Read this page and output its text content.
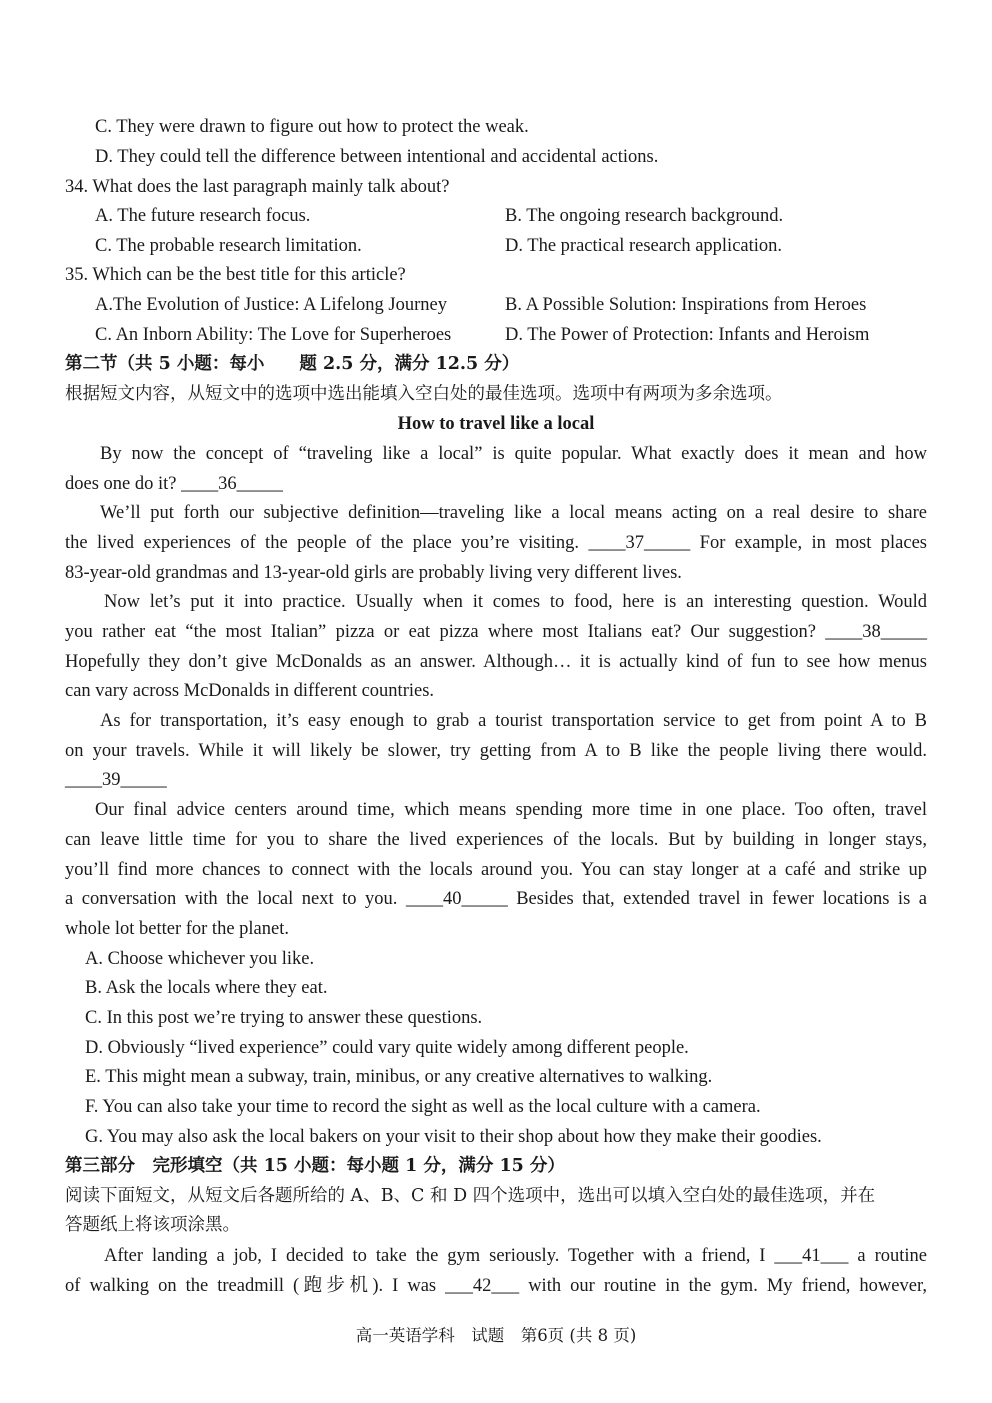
C. They were drawn to figure out how to protect the weak.
D. They could tell the difference between intentional and accidental actions.
34. What does the last paragraph mainly talk about?
A. The future research focus.	B. The ongoing research background.
C. The probable research limitation.	D. The practical research application.
35. Which can be the best title for this article?
A.The Evolution of Justice: A Lifelong Journey	B. A Possible Solution: Inspirations from Heroes
C. An Inborn Ability: The Love for Superheroes	D. The Power of Protection: Infants and Heroism
第二节（共 5 小题：每小　　题 2.5 分，满分 12.5 分）
根据短文内容，从短文中的选项中选出能填入空白处的最佳选项。选项中有两项为多余选项。
How to travel like a local
By now the concept of “traveling like a local” is quite popular. What exactly does it mean and how
does one do it? ____36_____
We’ll put forth our subjective definition—traveling like a local means acting on a real desire to share
the lived experiences of the people of the place you’re visiting. ____37_____ For example, in most places
83-year-old grandmas and 13-year-old girls are probably living very different lives.
Now let’s put it into practice. Usually when it comes to food, here is an interesting question. Would
you rather eat “the most Italian” pizza or eat pizza where most Italians eat? Our suggestion? ____38_____
Hopefully they don’t give McDonalds as an answer. Although… it is actually kind of fun to see how menus
can vary across McDonalds in different countries.
As for transportation, it’s easy enough to grab a tourist transportation service to get from point A to B
on your travels. While it will likely be slower, try getting from A to B like the people living there would.
____39_____
Our final advice centers around time, which means spending more time in one place. Too often, travel
can leave little time for you to share the lived experiences of the locals. But by building in longer stays,
you’ll find more chances to connect with the locals around you. You can stay longer at a café and strike up
a conversation with the local next to you. ____40_____ Besides that, extended travel in fewer locations is a
whole lot better for the planet.
A. Choose whichever you like.
B. Ask the locals where they eat.
C. In this post we’re trying to answer these questions.
D. Obviously “lived experience” could vary quite widely among different people.
E. This might mean a subway, train, minibus, or any creative alternatives to walking.
F. You can also take your time to record the sight as well as the local culture with a camera.
G. You may also ask the local bakers on your visit to their shop about how they make their goodies.
第三部分　完形填空（共 15 小题：每小题 1 分，满分 15 分）
阅读下面短文，从短文后各题所给的 A、B、C 和 D 四个选项中，选出可以填入空白处的最佳选项，并在
答题纸上将该项涂黑。
After landing a job, I decided to take the gym seriously. Together with a friend, I ___41___ a routine
of walking on the treadmill (跑步机). I was ___42___ with our routine in the gym. My friend, however,
高一英语学科　试题　第6页 (共 8 页)
